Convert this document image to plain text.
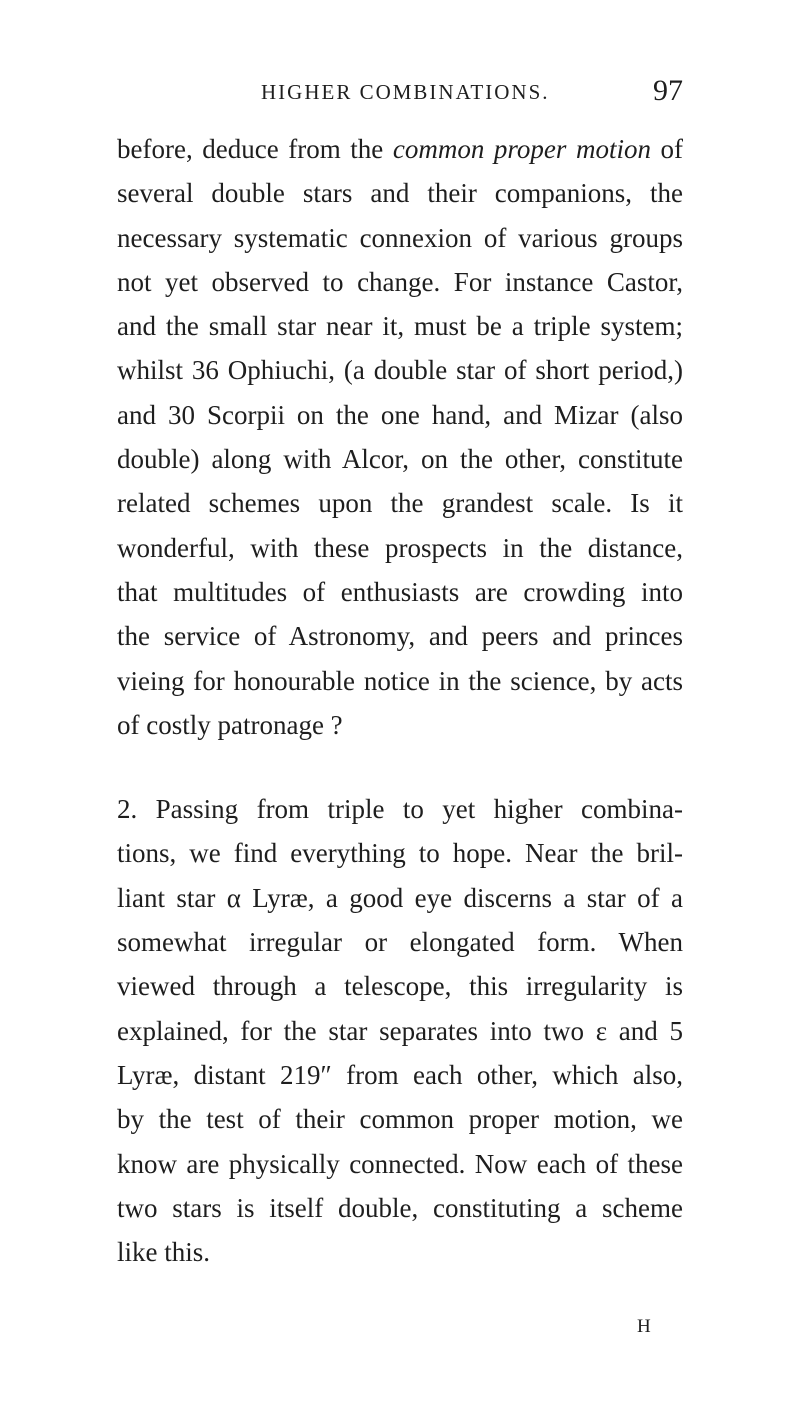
HIGHER COMBINATIONS.	97
before, deduce from the common proper motion of
several double stars and their companions, the
necessary systematic connexion of various groups
not yet observed to change. For instance Castor,
and the small star near it, must be a triple system;
whilst 36 Ophiuchi, (a double star of short period,)
and 30 Scorpii on the one hand, and Mizar (also
double) along with Alcor, on the other, constitute
related schemes upon the grandest scale. Is it
wonderful, with these prospects in the distance,
that multitudes of enthusiasts are crowding into
the service of Astronomy, and peers and princes
vieing for honourable notice in the science, by acts
of costly patronage ?
2. Passing from triple to yet higher combina-
tions, we find everything to hope. Near the bril-
liant star α Lyræ, a good eye discerns a star of a
somewhat irregular or elongated form. When
viewed through a telescope, this irregularity is
explained, for the star separates into two ε and 5
Lyræ, distant 219″ from each other, which also,
by the test of their common proper motion, we
know are physically connected. Now each of these
two stars is itself double, constituting a scheme
like this.
H
